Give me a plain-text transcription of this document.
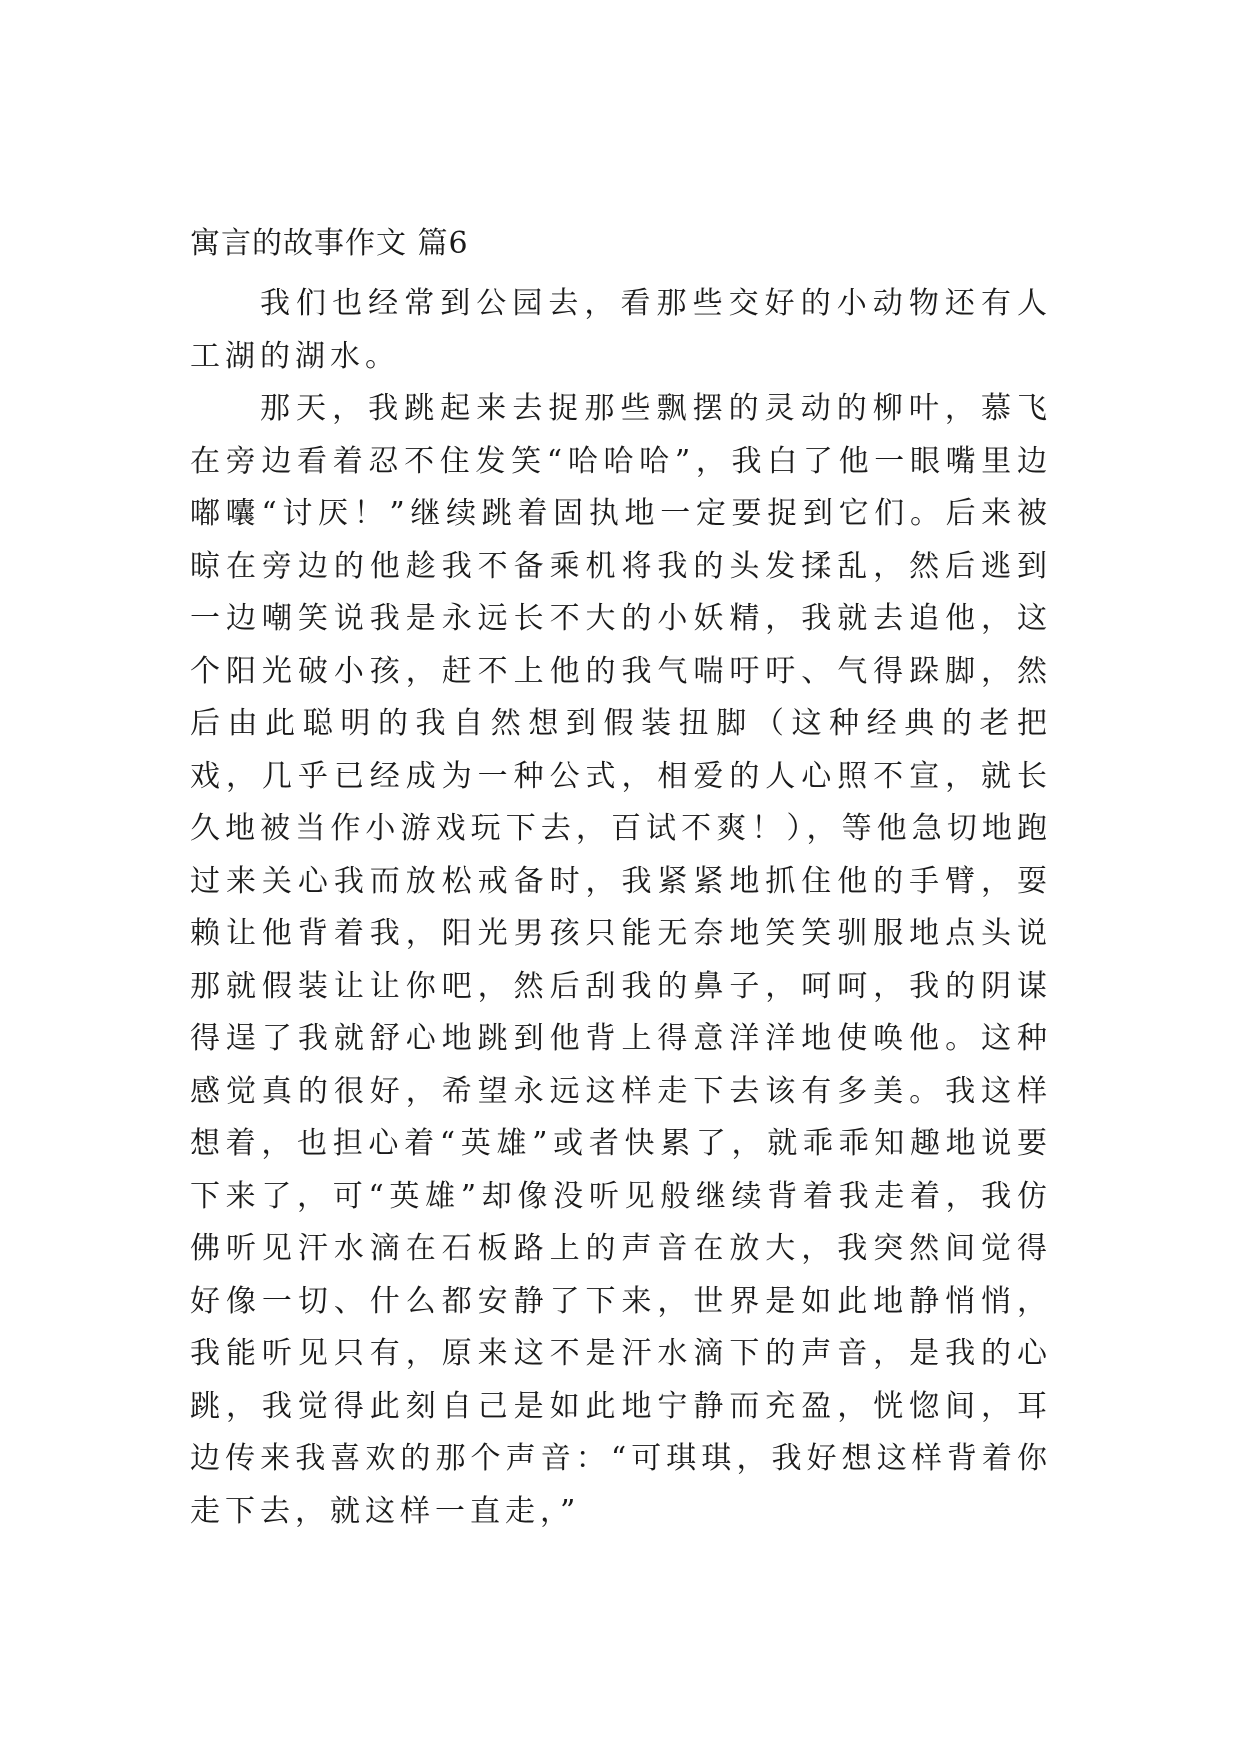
寓言的故事作文 篇6

我们也经常到公园去，看那些交好的小动物还有人工湖的湖水。

那天，我跳起来去捉那些飘摆的灵动的柳叶，慕飞在旁边看着忍不住发笑“哈哈哈”，我白了他一眼嘴里边嘟囔“讨厌！”继续跳着固执地一定要捉到它们。后来被晾在旁边的他趁我不备乘机将我的头发揉乱，然后逃到一边嘲笑说我是永远长不大的小妖精，我就去追他，这个阳光破小孩，赶不上他的我气喘吁吁、气得跺脚，然后由此聪明的我自然想到假装扭脚（这种经典的老把戏，几乎已经成为一种公式，相爱的人心照不宣，就长久地被当作小游戏玩下去，百试不爽！），等他急切地跑过来关心我而放松戒备时，我紧紧地抓住他的手臂，耍赖让他背着我，阳光男孩只能无奈地笑笑驯服地点头说那就假装让让你吧，然后刮我的鼻子，呵呵，我的阴谋得逞了我就舒心地跳到他背上得意洋洋地使唤他。这种感觉真的很好，希望永远这样走下去该有多美。我这样想着，也担心着“英雄”或者快累了，就乖乖知趣地说要下来了，可“英雄”却像没听见般继续背着我走着，我仿佛听见汗水滴在石板路上的声音在放大，我突然间觉得好像一切、什么都安静了下来，世界是如此地静悄悄，我能听见只有，原来这不是汗水滴下的声音，是我的心跳，我觉得此刻自己是如此地宁静而充盈，恍惚间，耳边传来我喜欢的那个声音：“可琪琪，我好想这样背着你走下去，就这样一直走，”
